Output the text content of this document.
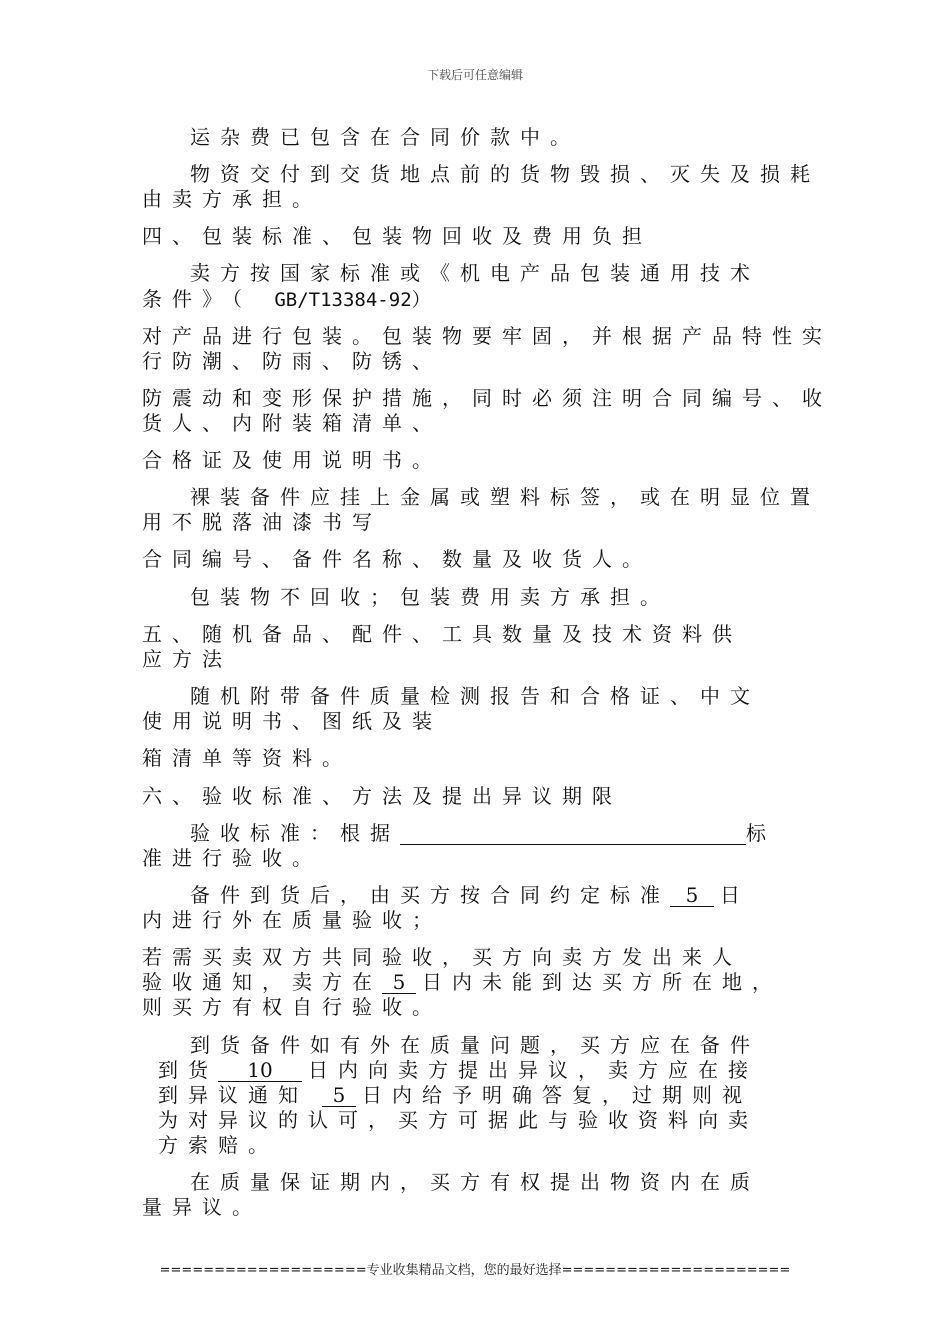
下载后可任意编辑
运杂费已包含在合同价款中。
物资交付到交货地点前的货物毁损、灭失及损耗
由卖方承担。
四、包装标准、包装物回收及费用负担
卖方按国家标准或《机电产品包装通用技术
条件》（ GB/T13384-92）
对产品进行包装。包装物要牢固，并根据产品特性实
行防潮、防雨、防锈、
防震动和变形保护措施，同时必须注明合同编号、收
货人、内附装箱清单、
合格证及使用说明书。
裸装备件应挂上金属或塑料标签，或在明显位置
用不脱落油漆书写
合同编号、备件名称、数量及收货人。
包装物不回收；包装费用卖方承担。
五、随机备品、配件、工具数量及技术资料供
应方法
随机附带备件质量检测报告和合格证、中文
使用说明书、图纸及装
箱清单等资料。
六、验收标准、方法及提出异议期限
验收标准：根据	标
准进行验收。
备件到货后，由买方按合同约定标准 5 日
内进行外在质量验收；
若需买卖双方共同验收，买方向卖方发出来人
验收通知，卖方在 5 日内未能到达买方所在地，
则买方有权自行验收。
到货备件如有外在质量问题，买方应在备件
到货 10 日内向卖方提出异议，卖方应在接
到异议通知 5 日内给予明确答复，过期则视
为对异议的认可，买方可据此与验收资料向卖
方索赔。
在质量保证期内，买方有权提出物资内在质
量异议。
===================专业收集精品文档，您的最好选择=====================
